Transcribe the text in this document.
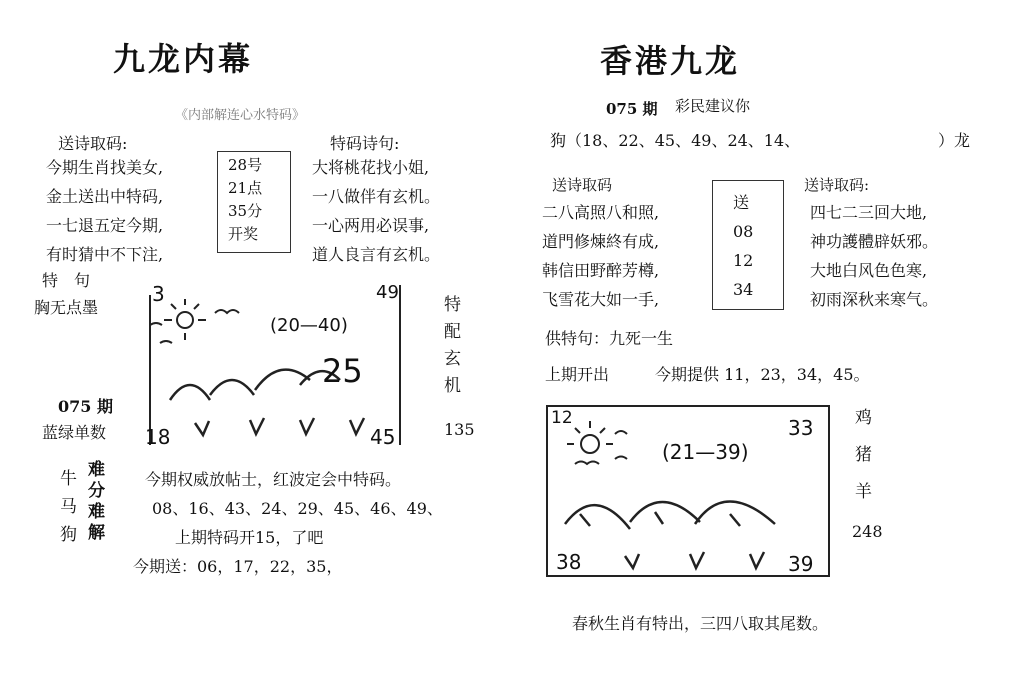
九龙内幕
《内部解连心水特码》
送诗取码:
今期生肖找美女,
金土送出中特码,
一七退五定今期,
有时猜中不下注,
28号
21点
35分
开奖
特码诗句:
大将桃花找小姐,
一八做伴有玄机。
一心两用必误事,
道人良言有玄机。
特　句
胸无点墨
3	49
18	45
(20—40)
25
特
配
玄
机
135
075 期
蓝绿单数
牛
马
狗
难
分
难
解
今期权威放帖士，红波定会中特码。
08、16、43、24、29、45、46、49、
上期特码开15，了吧
今期送：06，17，22，35，
香港九龙
075 期 彩民建议你
狗（18、22、45、49、24、14、	）龙
送诗取码
二八高照八和照,
道門修煉終有成,
韩信田野醉芳樽,
飞雪花大如一手,
送
08
12
34
送诗取码:
四七二三回大地,
神功護體辟妖邪。
大地白风色色寒,
初雨深秋来寒气。
供特句：九死一生
上期开出	今期提供 11，23，34，45。
12	33
38	39
(21—39)
鸡
猪
羊
248
春秋生肖有特出，三四八取其尾数。
